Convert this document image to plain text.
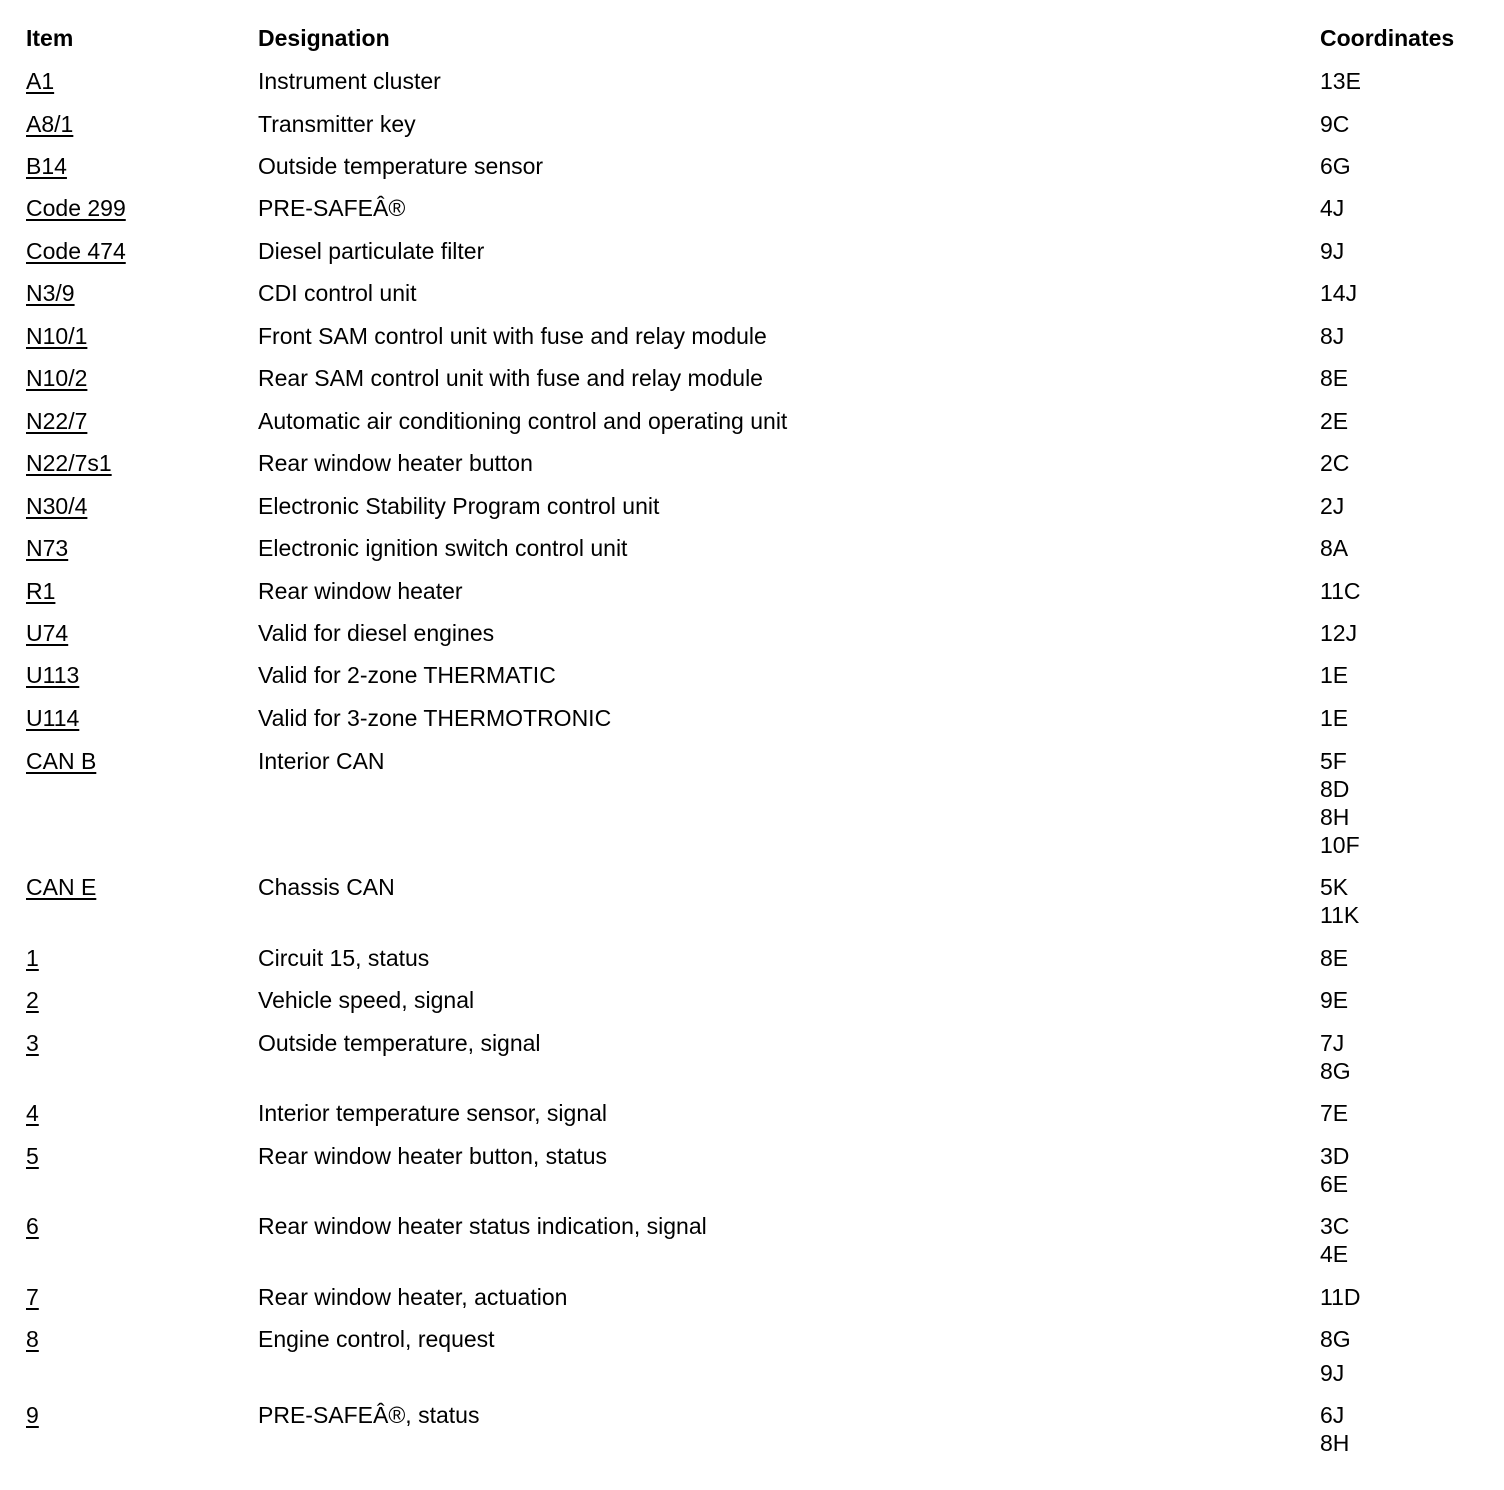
Item	Designation	Coordinates
A1	Instrument cluster	13E
A8/1	Transmitter key	9C
B14	Outside temperature sensor	6G
Code 299	PRE-SAFEÂ®	4J
Code 474	Diesel particulate filter	9J
N3/9	CDI control unit	14J
N10/1	Front SAM control unit with fuse and relay module	8J
N10/2	Rear SAM control unit with fuse and relay module	8E
N22/7	Automatic air conditioning control and operating unit	2E
N22/7s1	Rear window heater button	2C
N30/4	Electronic Stability Program control unit	2J
N73	Electronic ignition switch control unit	8A
R1	Rear window heater	11C
U74	Valid for diesel engines	12J
U113	Valid for 2-zone THERMATIC	1E
U114	Valid for 3-zone THERMOTRONIC	1E
CAN B	Interior CAN	5F
8D
8H
10F
CAN E	Chassis CAN	5K
11K
1	Circuit 15, status	8E
2	Vehicle speed, signal	9E
3	Outside temperature, signal	7J
8G
4	Interior temperature sensor, signal	7E
5	Rear window heater button, status	3D
6E
6	Rear window heater status indication, signal	3C
4E
7	Rear window heater, actuation	11D
8	Engine control, request	8G
9J
9	PRE-SAFEÂ®, status	6J
8H
